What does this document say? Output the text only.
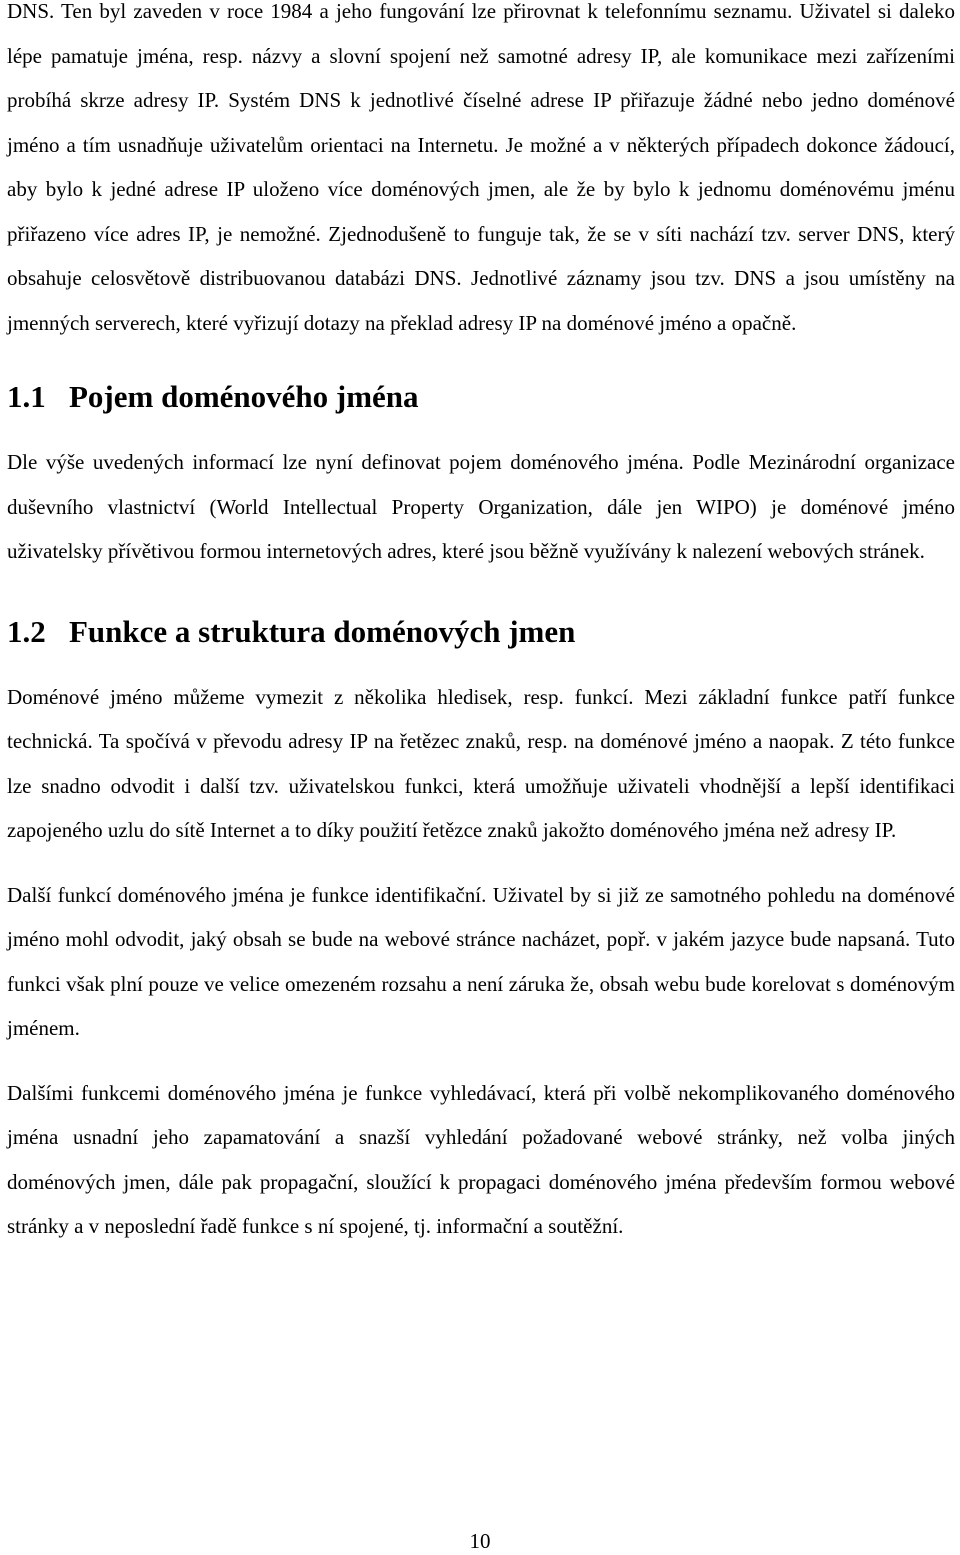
DNS. Ten byl zaveden v roce 1984 a jeho fungování lze přirovnat k telefonnímu seznamu. Uživatel si daleko lépe pamatuje jména, resp. názvy a slovní spojení než samotné adresy IP, ale komunikace mezi zařízeními probíhá skrze adresy IP. Systém DNS k jednotlivé číselné adrese IP přiřazuje žádné nebo jedno doménové jméno a tím usnadňuje uživatelům orientaci na Internetu. Je možné a v některých případech dokonce žádoucí, aby bylo k jedné adrese IP uloženo více doménových jmen, ale že by bylo k jednomu doménovému jménu přiřazeno více adres IP, je nemožné. Zjednodušeně to funguje tak, že se v síti nachází tzv. server DNS, který obsahuje celosvětově distribuovanou databázi DNS. Jednotlivé záznamy jsou tzv. DNS a jsou umístěny na jmenných serverech, které vyřizují dotazy na překlad adresy IP na doménové jméno a opačně.

1.1 Pojem doménového jména

Dle výše uvedených informací lze nyní definovat pojem doménového jména. Podle Mezinárodní organizace duševního vlastnictví (World Intellectual Property Organization, dále jen WIPO) je doménové jméno uživatelsky přívětivou formou internetových adres, které jsou běžně využívány k nalezení webových stránek.

1.2 Funkce a struktura doménových jmen

Doménové jméno můžeme vymezit z několika hledisek, resp. funkcí. Mezi základní funkce patří funkce technická. Ta spočívá v převodu adresy IP na řetězec znaků, resp. na doménové jméno a naopak. Z této funkce lze snadno odvodit i další tzv. uživatelskou funkci, která umožňuje uživateli vhodnější a lepší identifikaci zapojeného uzlu do sítě Internet a to díky použití řetězce znaků jakožto doménového jména než adresy IP.

Další funkcí doménového jména je funkce identifikační. Uživatel by si již ze samotného pohledu na doménové jméno mohl odvodit, jaký obsah se bude na webové stránce nacházet, popř. v jakém jazyce bude napsaná. Tuto funkci však plní pouze ve velice omezeném rozsahu a není záruka že, obsah webu bude korelovat s doménovým jménem.

Dalšími funkcemi doménového jména je funkce vyhledávací, která při volbě nekomplikovaného doménového jména usnadní jeho zapamatování a snazší vyhledání požadované webové stránky, než volba jiných doménových jmen, dále pak propagační, sloužící k propagaci doménového jména především formou webové stránky a v neposlední řadě funkce s ní spojené, tj. informační a soutěžní.

10
